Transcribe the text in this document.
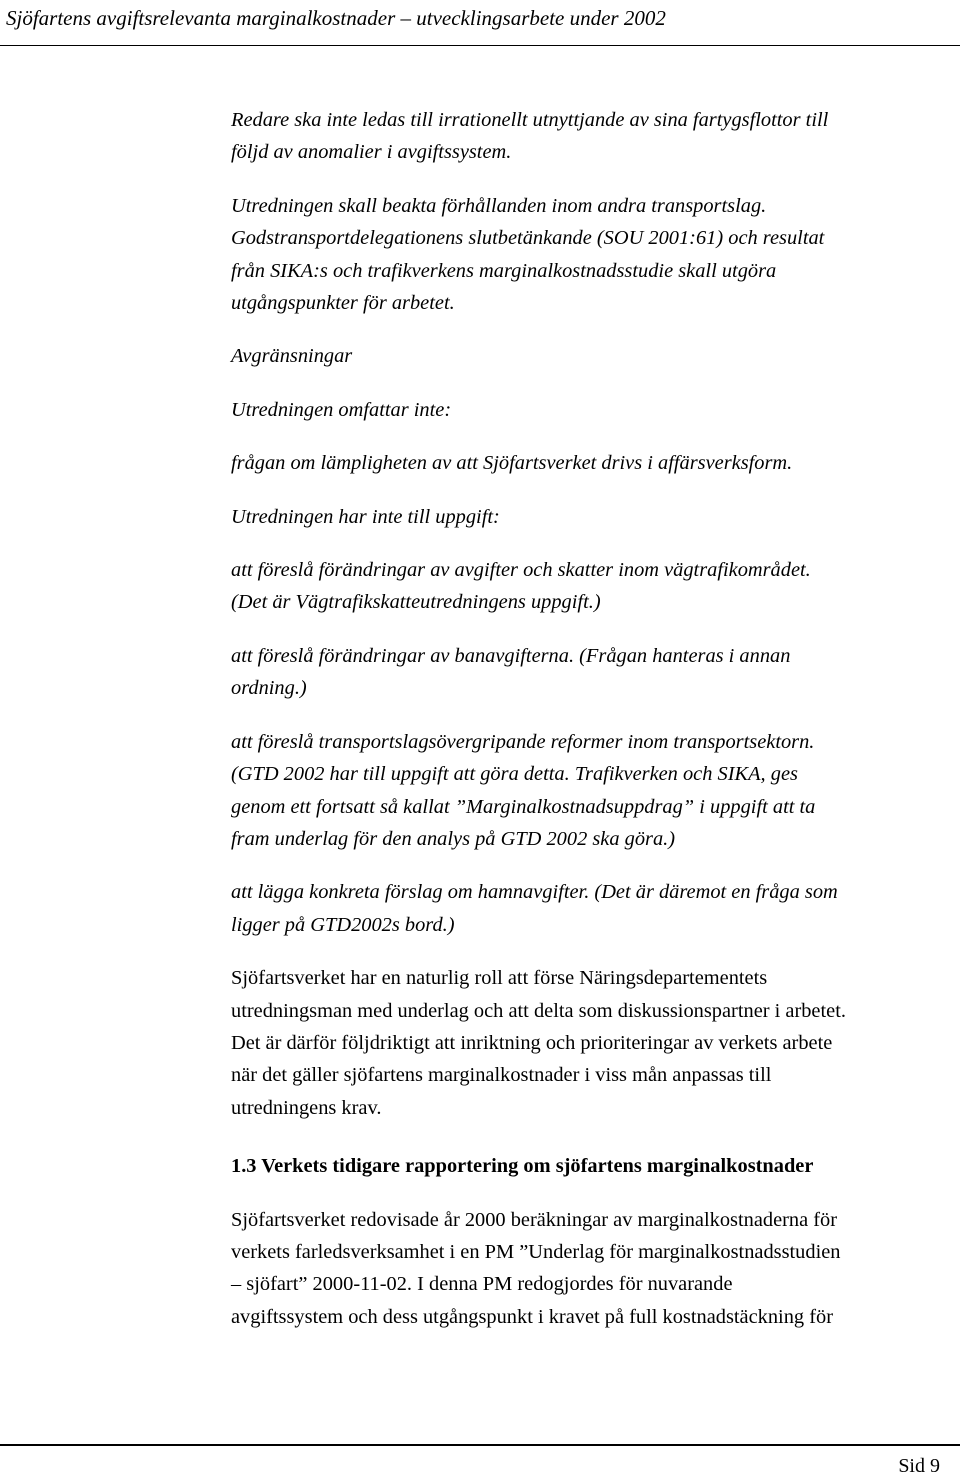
Sjöfartens avgiftsrelevanta marginalkostnader – utvecklingsarbete under 2002

Redare ska inte ledas till irrationellt utnyttjande av sina fartygsflottor till
följd av anomalier i avgiftssystem.

Utredningen skall beakta förhållanden inom andra transportslag.
Godstransportdelegationens slutbetänkande (SOU 2001:61) och resultat
från SIKA:s och trafikverkens marginalkostnadsstudie skall utgöra
utgångspunkter för arbetet.

Avgränsningar

Utredningen omfattar inte:

frågan om lämpligheten av att Sjöfartsverket drivs i affärsverksform.

Utredningen har inte till uppgift:

att föreslå förändringar av avgifter och skatter inom vägtrafikområdet.
(Det är Vägtrafikskatteutredningens uppgift.)

att föreslå förändringar av banavgifterna. (Frågan hanteras i annan
ordning.)

att föreslå transportslagsövergripande reformer inom transportsektorn.
(GTD 2002 har till uppgift att göra detta. Trafikverken och SIKA, ges
genom ett fortsatt så kallat ”Marginalkostnadsuppdrag” i uppgift att ta
fram underlag för den analys på GTD 2002 ska göra.)

att lägga konkreta förslag om hamnavgifter. (Det är däremot en fråga som
ligger på GTD2002s bord.)

Sjöfartsverket har en naturlig roll att förse Näringsdepartementets
utredningsman med underlag och att delta som diskussionspartner i arbetet.
Det är därför följdriktigt att inriktning och prioriteringar av verkets arbete
när det gäller sjöfartens marginalkostnader i viss mån anpassas till
utredningens krav.

1.3 Verkets tidigare rapportering om sjöfartens marginalkostnader

Sjöfartsverket redovisade år 2000 beräkningar av marginalkostnaderna för
verkets farledsverksamhet i en PM ”Underlag för marginalkostnadsstudien
– sjöfart” 2000-11-02. I denna PM redogjordes för nuvarande
avgiftssystem och dess utgångspunkt i kravet på full kostnadstäckning för

Sid 9
